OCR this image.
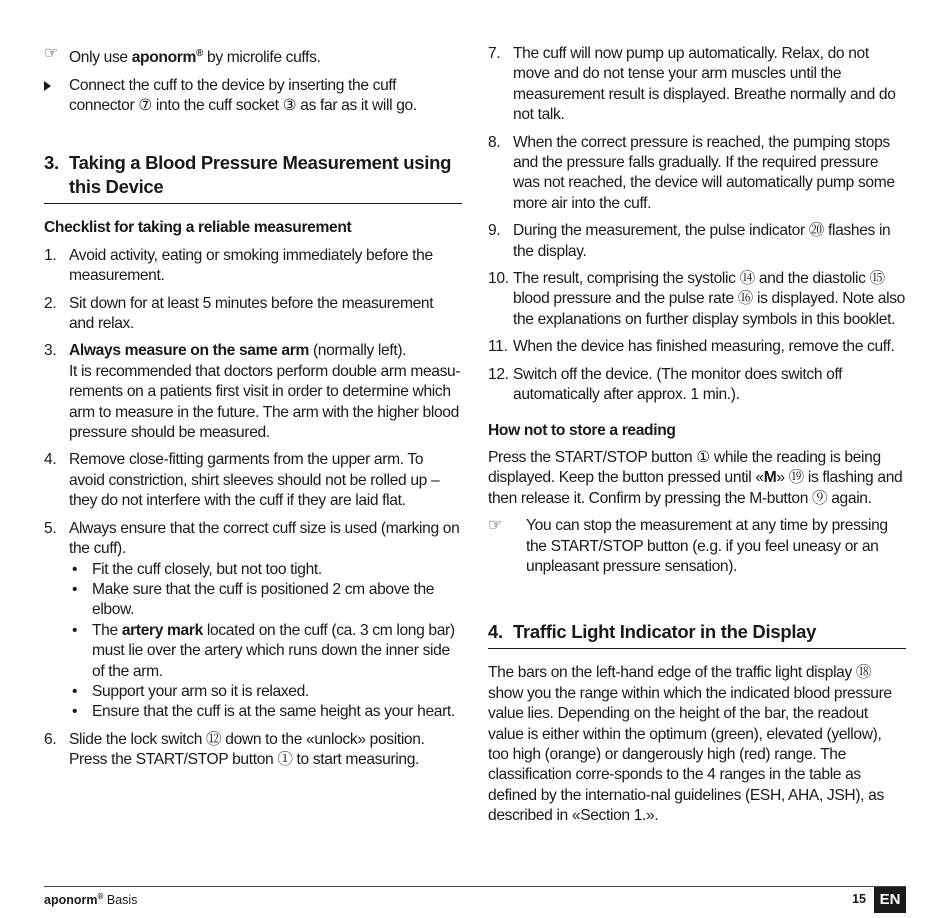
☞ Only use aponorm® by microlife cuffs.
Connect the cuff to the device by inserting the cuff connector ⑦ into the cuff socket ③ as far as it will go.
3. Taking a Blood Pressure Measurement using this Device
Checklist for taking a reliable measurement
1. Avoid activity, eating or smoking immediately before the measurement.
2. Sit down for at least 5 minutes before the measurement and relax.
3. Always measure on the same arm (normally left).
It is recommended that doctors perform double arm measu-rements on a patients first visit in order to determine which arm to measure in the future. The arm with the higher blood pressure should be measured.
4. Remove close-fitting garments from the upper arm. To avoid constriction, shirt sleeves should not be rolled up – they do not interfere with the cuff if they are laid flat.
5. Always ensure that the correct cuff size is used (marking on the cuff).
• Fit the cuff closely, but not too tight.
• Make sure that the cuff is positioned 2 cm above the elbow.
• The artery mark located on the cuff (ca. 3 cm long bar) must lie over the artery which runs down the inner side of the arm.
• Support your arm so it is relaxed.
• Ensure that the cuff is at the same height as your heart.
6. Slide the lock switch ⑫ down to the «unlock» position. Press the START/STOP button ① to start measuring.
7. The cuff will now pump up automatically. Relax, do not move and do not tense your arm muscles until the measurement result is displayed. Breathe normally and do not talk.
8. When the correct pressure is reached, the pumping stops and the pressure falls gradually. If the required pressure was not reached, the device will automatically pump some more air into the cuff.
9. During the measurement, the pulse indicator ⑳ flashes in the display.
10. The result, comprising the systolic ⑭ and the diastolic ⑮ blood pressure and the pulse rate ⑯ is displayed. Note also the explanations on further display symbols in this booklet.
11. When the device has finished measuring, remove the cuff.
12. Switch off the device. (The monitor does switch off automatically after approx. 1 min.).
How not to store a reading
Press the START/STOP button ① while the reading is being displayed. Keep the button pressed until «M» ⑲ is flashing and then release it. Confirm by pressing the M-button ⑨ again.
☞	You can stop the measurement at any time by pressing the START/STOP button (e.g. if you feel uneasy or an unpleasant pressure sensation).
4. Traffic Light Indicator in the Display
The bars on the left-hand edge of the traffic light display ⑱ show you the range within which the indicated blood pressure value lies. Depending on the height of the bar, the readout value is either within the optimum (green), elevated (yellow), too high (orange) or dangerously high (red) range. The classification corre-sponds to the 4 ranges in the table as defined by the internatio-nal guidelines (ESH, AHA, JSH), as described in «Section 1.».
aponorm® Basis	15 EN
